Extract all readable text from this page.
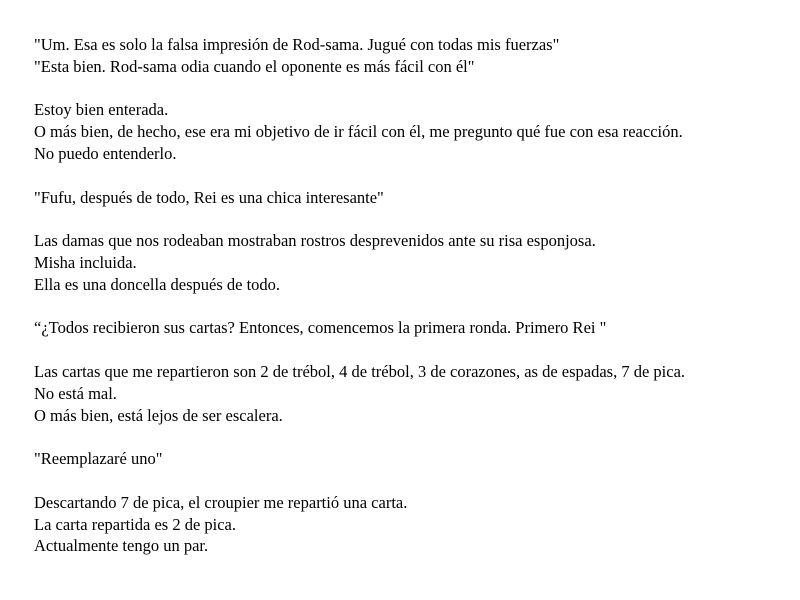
"Um. Esa es solo la falsa impresión de Rod-sama. Jugué con todas mis fuerzas"
"Esta bien. Rod-sama odia cuando el oponente es más fácil con él"

Estoy bien enterada.
O más bien, de hecho, ese era mi objetivo de ir fácil con él, me pregunto qué fue con esa reacción.
No puedo entenderlo.

"Fufu, después de todo, Rei es una chica interesante"

Las damas que nos rodeaban mostraban rostros desprevenidos ante su risa esponjosa.
Misha incluida.
Ella es una doncella después de todo.

“¿Todos recibieron sus cartas? Entonces, comencemos la primera ronda. Primero Rei "

Las cartas que me repartieron son 2 de trébol, 4 de trébol, 3 de corazones, as de espadas, 7 de pica.
No está mal.
O más bien, está lejos de ser escalera.

"Reemplazaré uno"

Descartando 7 de pica, el croupier me repartió una carta.
La carta repartida es 2 de pica.
Actualmente tengo un par.
